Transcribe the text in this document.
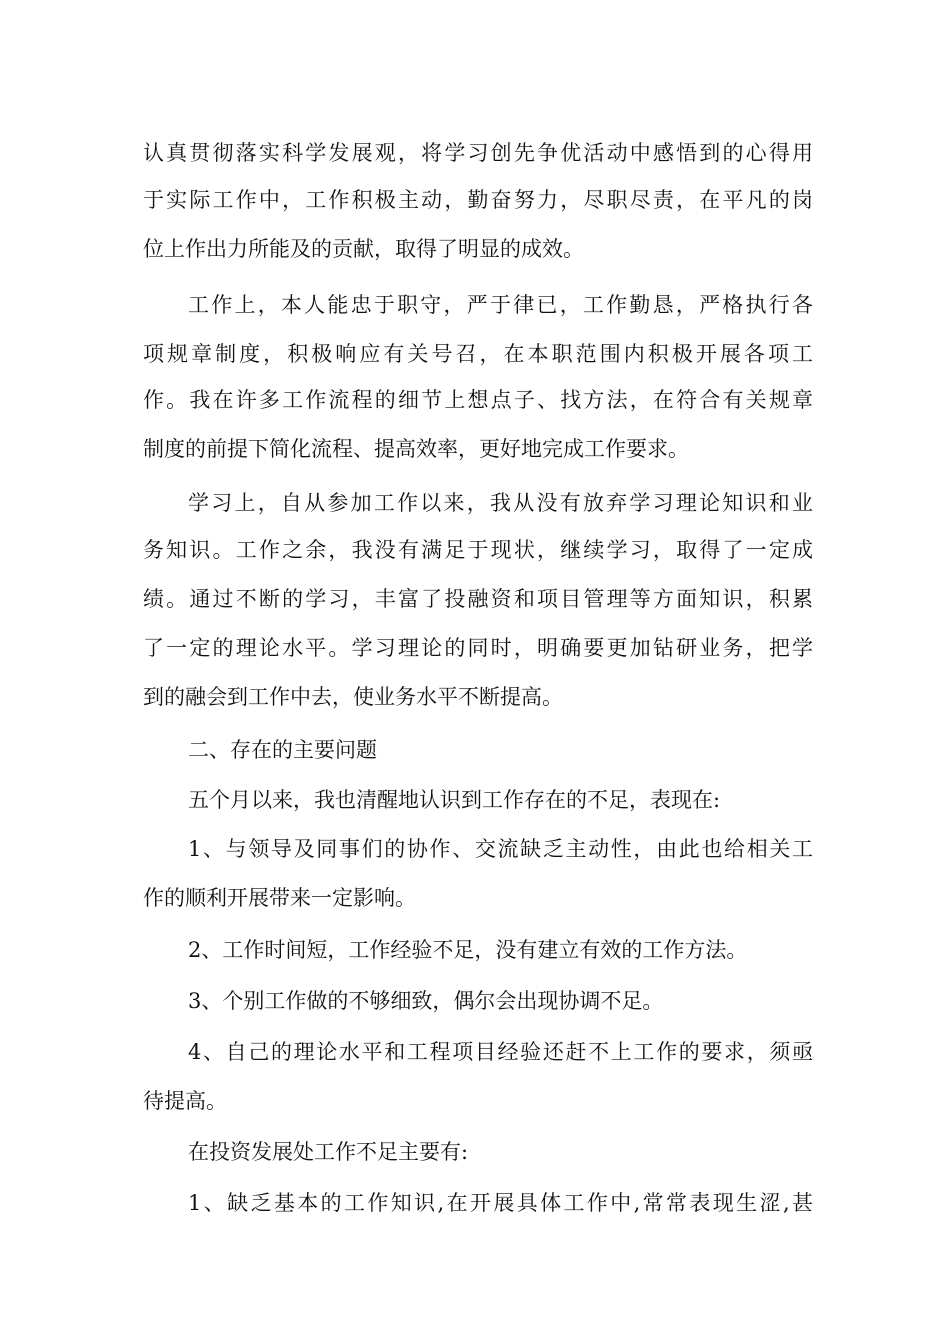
认真贯彻落实科学发展观，将学习创先争优活动中感悟到的心得用
于实际工作中，工作积极主动，勤奋努力，尽职尽责，在平凡的岗
位上作出力所能及的贡献，取得了明显的成效。
工作上，本人能忠于职守，严于律已，工作勤恳，严格执行各
项规章制度，积极响应有关号召，在本职范围内积极开展各项工
作。我在许多工作流程的细节上想点子、找方法，在符合有关规章
制度的前提下简化流程、提高效率，更好地完成工作要求。
学习上，自从参加工作以来，我从没有放弃学习理论知识和业
务知识。工作之余，我没有满足于现状，继续学习，取得了一定成
绩。通过不断的学习，丰富了投融资和项目管理等方面知识，积累
了一定的理论水平。学习理论的同时，明确要更加钻研业务，把学
到的融会到工作中去，使业务水平不断提高。
二、存在的主要问题
五个月以来，我也清醒地认识到工作存在的不足，表现在:
1、与领导及同事们的协作、交流缺乏主动性，由此也给相关工
作的顺利开展带来一定影响。
2、工作时间短，工作经验不足，没有建立有效的工作方法。
3、个别工作做的不够细致，偶尔会出现协调不足。
4、自己的理论水平和工程项目经验还赶不上工作的要求，须亟
待提高。
在投资发展处工作不足主要有:
1、缺乏基本的工作知识,在开展具体工作中,常常表现生涩,甚
